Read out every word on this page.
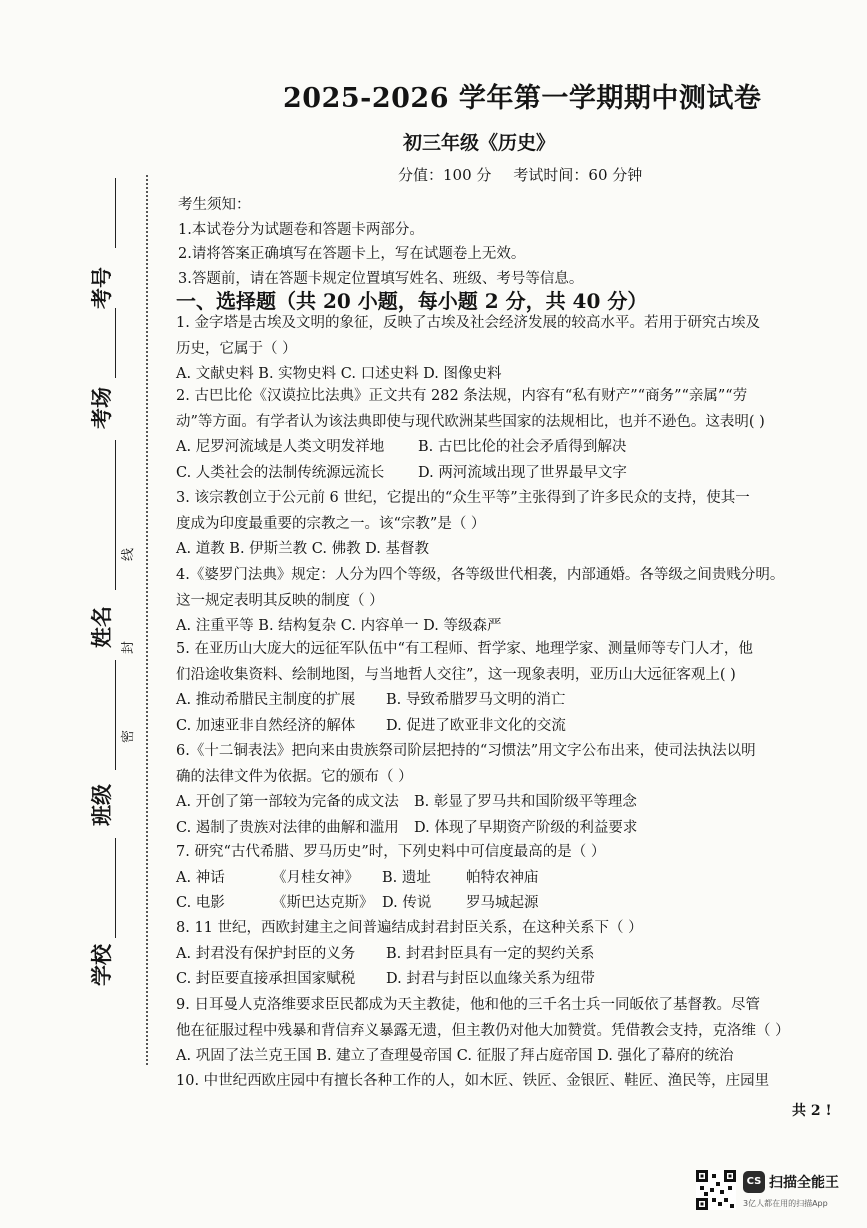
考号
考场
姓名
班级
学校
线
封
密
2025-2026 学年第一学期期中测试卷
初三年级《历史》
分值：100 分 考试时间：60 分钟
考生须知：
1.本试卷分为试题卷和答题卡两部分。
2.请将答案正确填写在答题卡上，写在试题卷上无效。
3.答题前，请在答题卡规定位置填写姓名、班级、考号等信息。
一、选择题（共 20 小题，每小题 2 分，共 40 分）
1. 金字塔是古埃及文明的象征，反映了古埃及社会经济发展的较高水平。若用于研究古埃及
历史，它属于（ ）
A. 文献史料 B. 实物史料 C. 口述史料 D. 图像史料
2. 古巴比伦《汉谟拉比法典》正文共有 282 条法规，内容有“私有财产”“商务”“亲属”“劳
动”等方面。有学者认为该法典即使与现代欧洲某些国家的法规相比，也并不逊色。这表明( )
A. 尼罗河流域是人类文明发祥地 B. 古巴比伦的社会矛盾得到解决
C. 人类社会的法制传统源远流长 D. 两河流域出现了世界最早文字
3. 该宗教创立于公元前 6 世纪，它提出的“众生平等”主张得到了许多民众的支持，使其一
度成为印度最重要的宗教之一。该“宗教”是（ ）
A. 道教 B. 伊斯兰教 C. 佛教 D. 基督教
4.《婆罗门法典》规定：人分为四个等级，各等级世代相袭，内部通婚。各等级之间贵贱分明。
这一规定表明其反映的制度（ ）
A. 注重平等 B. 结构复杂 C. 内容单一 D. 等级森严
5. 在亚历山大庞大的远征军队伍中“有工程师、哲学家、地理学家、测量师等专门人才，他
们沿途收集资料、绘制地图，与当地哲人交往”，这一现象表明，亚历山大远征客观上( )
A. 推动希腊民主制度的扩展 B. 导致希腊罗马文明的消亡
C. 加速亚非自然经济的解体 D. 促进了欧亚非文化的交流
6.《十二铜表法》把向来由贵族祭司阶层把持的“习惯法”用文字公布出来，使司法执法以明
确的法律文件为依据。它的颁布（ ）
A. 开创了第一部较为完备的成文法 B. 彰显了罗马共和国阶级平等理念
C. 遏制了贵族对法律的曲解和滥用 D. 体现了早期资产阶级的利益要求
7. 研究“古代希腊、罗马历史”时，下列史料中可信度最高的是（ ）
A. 神话	《月桂女神》 B. 遗址 帕特农神庙
C. 电影	《斯巴达克斯》 D. 传说 罗马城起源
8. 11 世纪，西欧封建主之间普遍结成封君封臣关系，在这种关系下（ ）
A. 封君没有保护封臣的义务 B. 封君封臣具有一定的契约关系
C. 封臣要直接承担国家赋税 D. 封君与封臣以血缘关系为纽带
9. 日耳曼人克洛维要求臣民都成为天主教徒，他和他的三千名士兵一同皈依了基督教。尽管
他在征服过程中残暴和背信弃义暴露无遗，但主教仍对他大加赞赏。凭借教会支持，克洛维（ ）
A. 巩固了法兰克王国 B. 建立了查理曼帝国 C. 征服了拜占庭帝国 D. 强化了幕府的统治
10. 中世纪西欧庄园中有擅长各种工作的人，如木匠、铁匠、金银匠、鞋匠、渔民等，庄园里
共 2 !
CS 扫描全能王
3亿人都在用的扫描App
